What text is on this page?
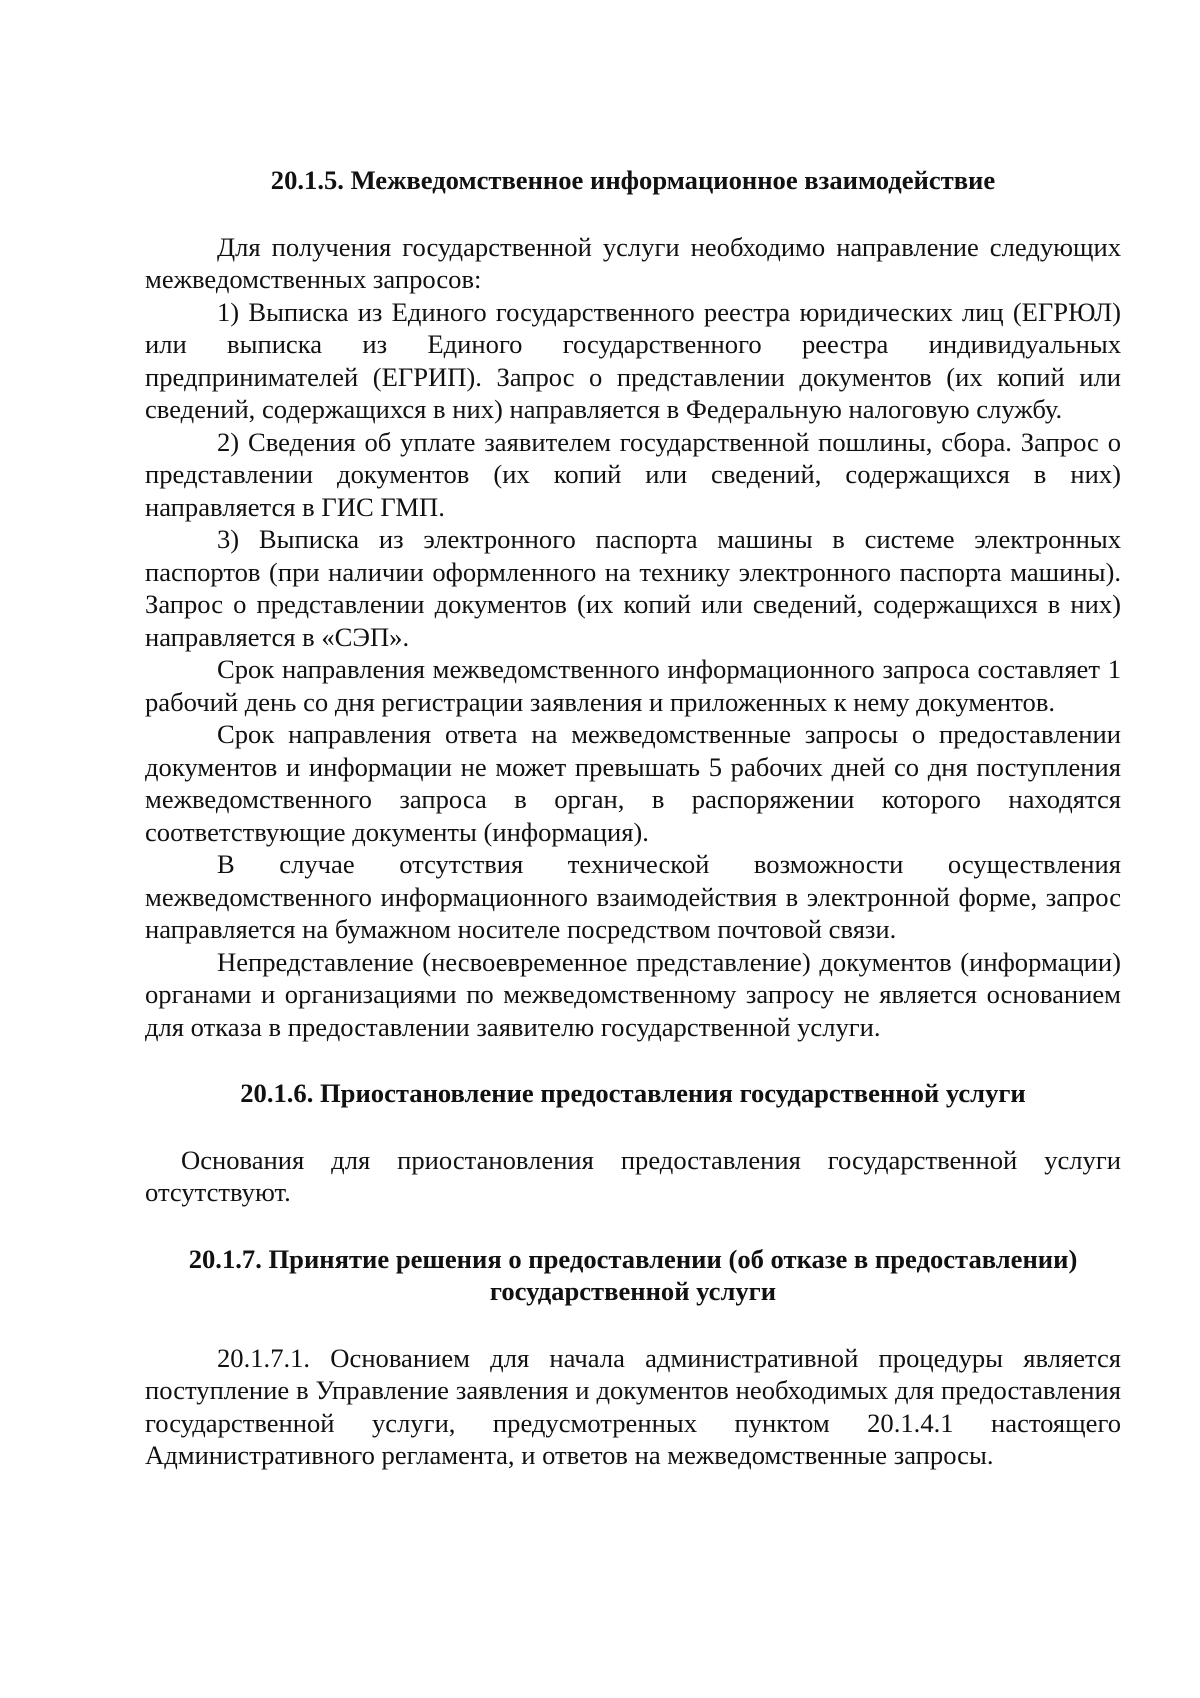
20.1.5. Межведомственное информационное взаимодействие

Для получения государственной услуги необходимо направление следующих межведомственных запросов:

1) Выписка из Единого государственного реестра юридических лиц (ЕГРЮЛ) или выписка из Единого государственного реестра индивидуальных предпринимателей (ЕГРИП). Запрос о представлении документов (их копий или сведений, содержащихся в них) направляется в Федеральную налоговую службу.

2) Сведения об уплате заявителем государственной пошлины, сбора. Запрос о представлении документов (их копий или сведений, содержащихся в них) направляется в ГИС ГМП.

3) Выписка из электронного паспорта машины в системе электронных паспортов (при наличии оформленного на технику электронного паспорта машины). Запрос о представлении документов (их копий или сведений, содержащихся в них) направляется в «СЭП».

Срок направления межведомственного информационного запроса составляет 1 рабочий день со дня регистрации заявления и приложенных к нему документов.

Срок направления ответа на межведомственные запросы о предоставлении документов и информации не может превышать 5 рабочих дней со дня поступления межведомственного запроса в орган, в распоряжении которого находятся соответствующие документы (информация).

В случае отсутствия технической возможности осуществления межведомственного информационного взаимодействия в электронной форме, запрос направляется на бумажном носителе посредством почтовой связи.

Непредставление (несвоевременное представление) документов (информации) органами и организациями по межведомственному запросу не является основанием для отказа в предоставлении заявителю государственной услуги.

20.1.6. Приостановление предоставления государственной услуги

Основания для приостановления предоставления государственной услуги отсутствуют.

20.1.7. Принятие решения о предоставлении (об отказе в предоставлении)
государственной услуги

20.1.7.1. Основанием для начала административной процедуры является поступление в Управление заявления и документов необходимых для предоставления государственной услуги, предусмотренных пунктом 20.1.4.1 настоящего Административного регламента, и ответов на межведомственные запросы.
